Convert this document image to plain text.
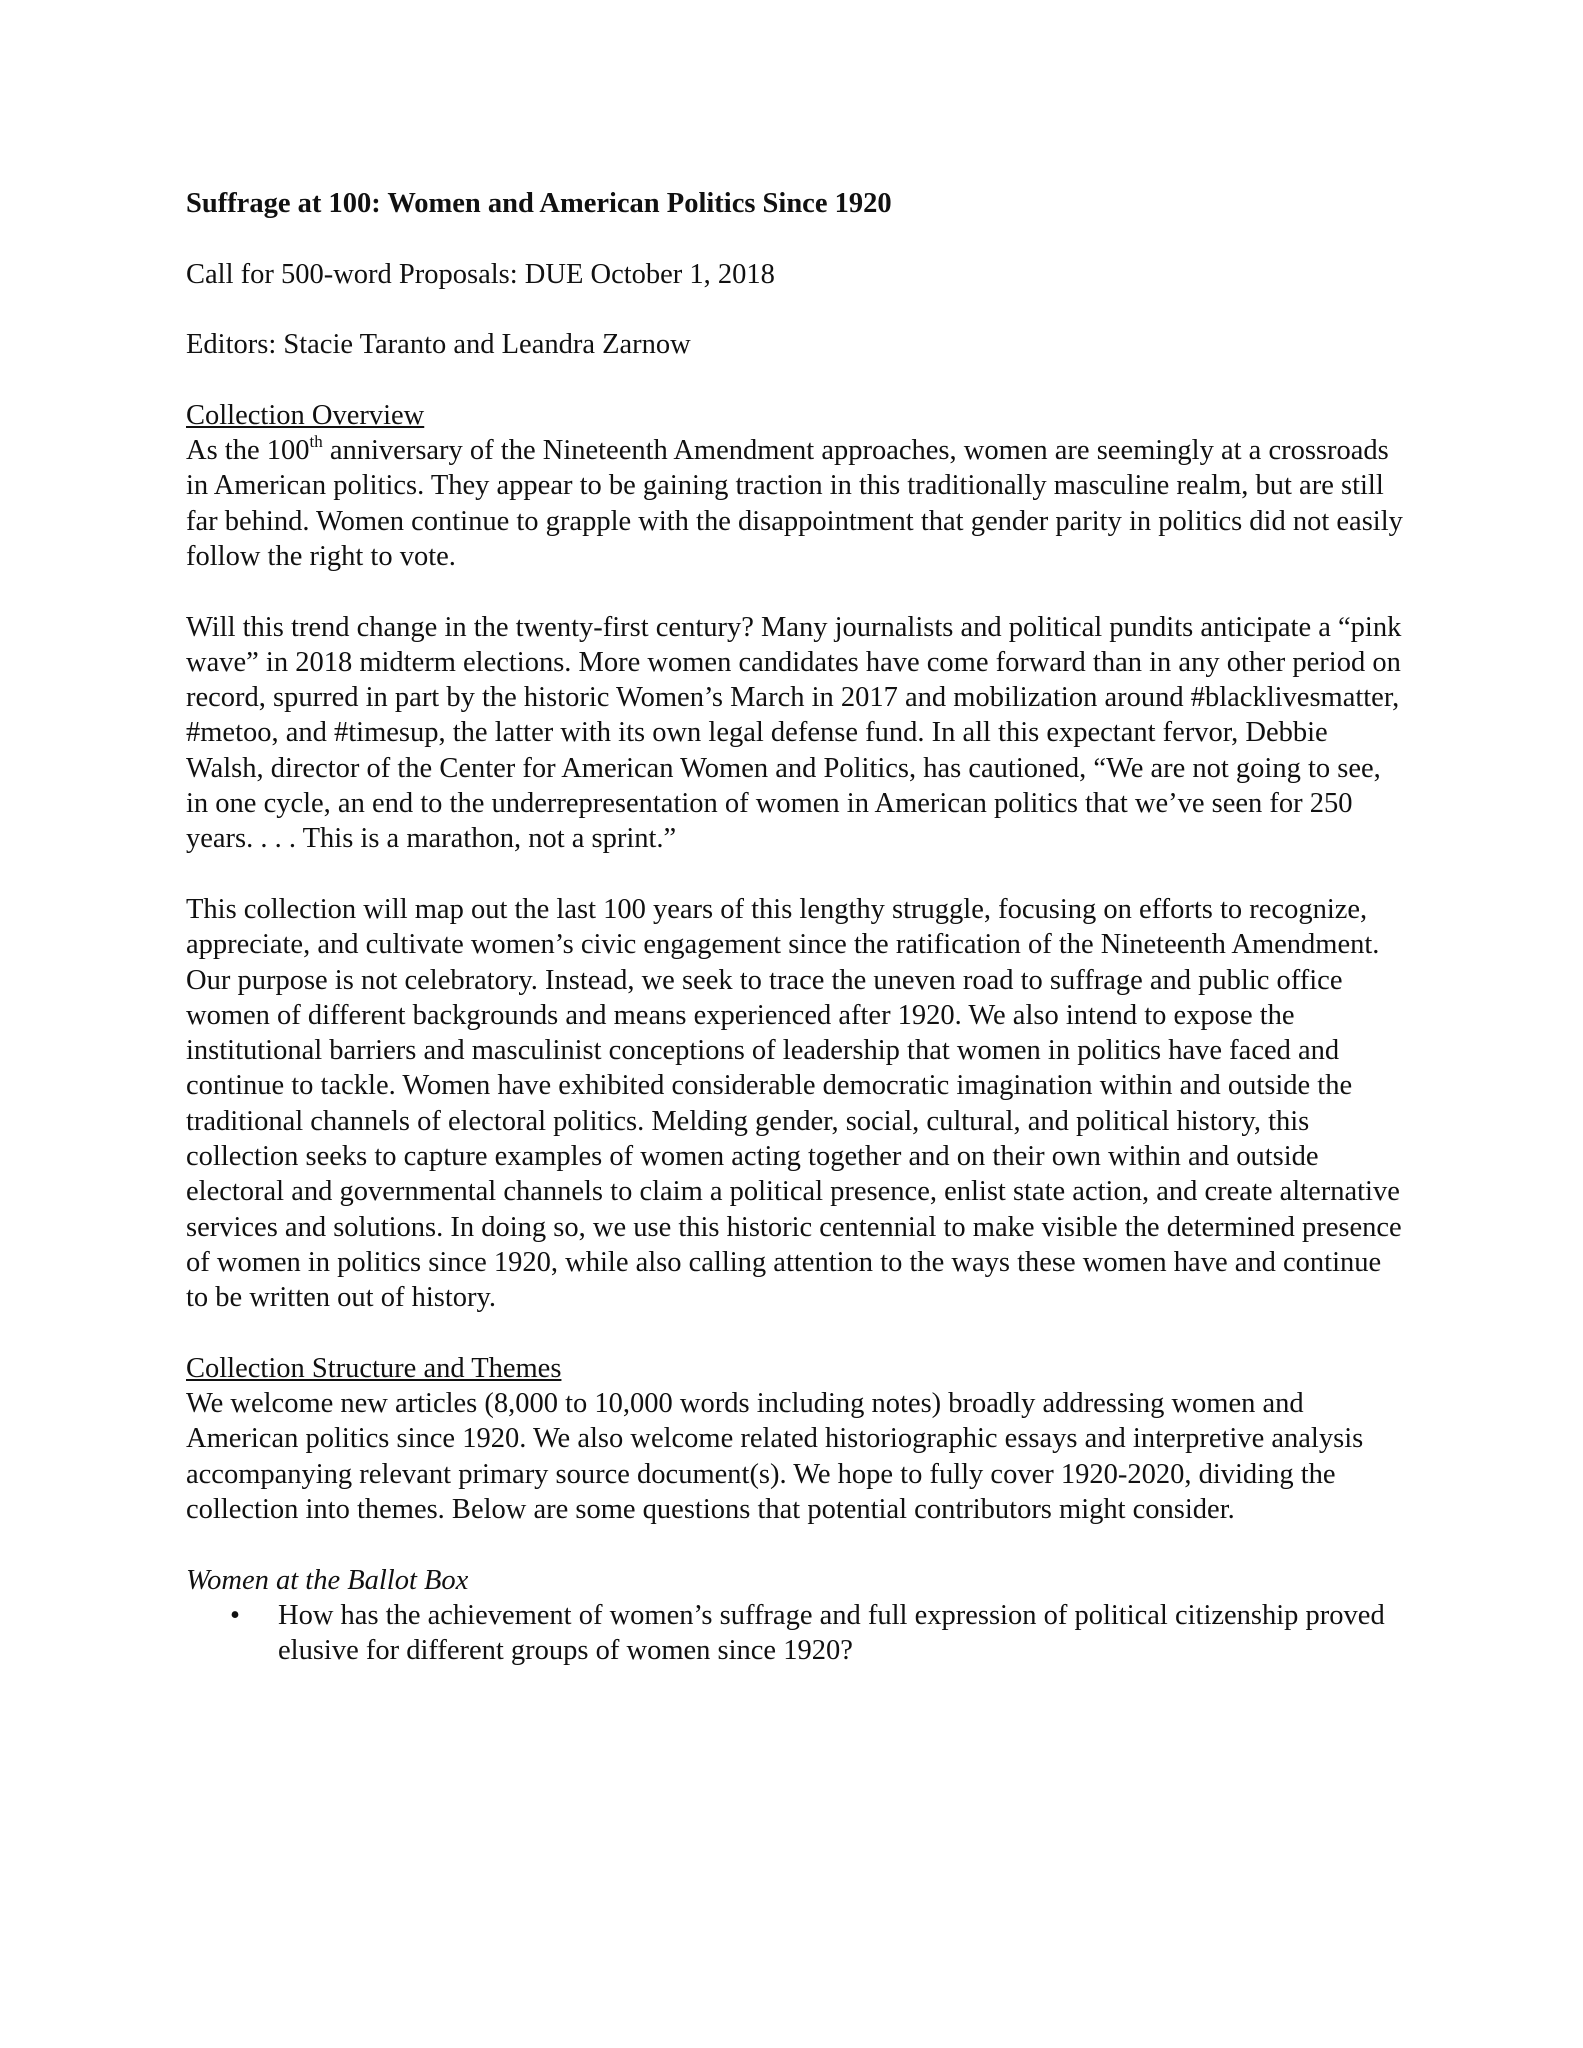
Suffrage at 100: Women and American Politics Since 1920

Call for 500-word Proposals: DUE October 1, 2018

Editors: Stacie Taranto and Leandra Zarnow

Collection Overview

As the 100th anniversary of the Nineteenth Amendment approaches, women are seemingly at a crossroads in American politics. They appear to be gaining traction in this traditionally masculine realm, but are still far behind. Women continue to grapple with the disappointment that gender parity in politics did not easily follow the right to vote.

Will this trend change in the twenty-first century? Many journalists and political pundits anticipate a “pink wave” in 2018 midterm elections. More women candidates have come forward than in any other period on record, spurred in part by the historic Women’s March in 2017 and mobilization around #blacklivesmatter, #metoo, and #timesup, the latter with its own legal defense fund. In all this expectant fervor, Debbie Walsh, director of the Center for American Women and Politics, has cautioned, “We are not going to see, in one cycle, an end to the underrepresentation of women in American politics that we’ve seen for 250 years. . . . This is a marathon, not a sprint.”

This collection will map out the last 100 years of this lengthy struggle, focusing on efforts to recognize, appreciate, and cultivate women’s civic engagement since the ratification of the Nineteenth Amendment. Our purpose is not celebratory. Instead, we seek to trace the uneven road to suffrage and public office women of different backgrounds and means experienced after 1920. We also intend to expose the institutional barriers and masculinist conceptions of leadership that women in politics have faced and continue to tackle. Women have exhibited considerable democratic imagination within and outside the traditional channels of electoral politics. Melding gender, social, cultural, and political history, this collection seeks to capture examples of women acting together and on their own within and outside electoral and governmental channels to claim a political presence, enlist state action, and create alternative services and solutions. In doing so, we use this historic centennial to make visible the determined presence of women in politics since 1920, while also calling attention to the ways these women have and continue to be written out of history.

Collection Structure and Themes

We welcome new articles (8,000 to 10,000 words including notes) broadly addressing women and American politics since 1920. We also welcome related historiographic essays and interpretive analysis accompanying relevant primary source document(s). We hope to fully cover 1920-2020, dividing the collection into themes. Below are some questions that potential contributors might consider.

Women at the Ballot Box

• How has the achievement of women’s suffrage and full expression of political citizenship proved elusive for different groups of women since 1920?
